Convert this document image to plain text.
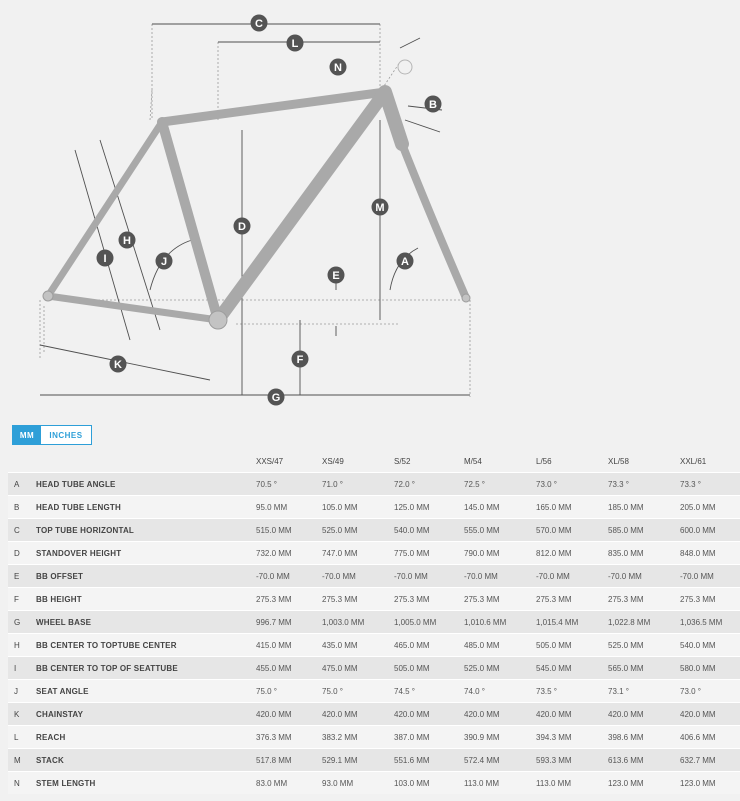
A
B
C
D
E
F
G
H
I	J
K
L
M
N
MM	INCHES
		XXS/47	XS/49	S/52	M/54	L/56	XL/58	XXL/61
A	HEAD TUBE ANGLE	70.5 °	71.0 °	72.0 °	72.5 °	73.0 °	73.3 °	73.3 °
B	HEAD TUBE LENGTH	95.0 MM	105.0 MM	125.0 MM	145.0 MM	165.0 MM	185.0 MM	205.0 MM
C	TOP TUBE HORIZONTAL	515.0 MM	525.0 MM	540.0 MM	555.0 MM	570.0 MM	585.0 MM	600.0 MM
D	STANDOVER HEIGHT	732.0 MM	747.0 MM	775.0 MM	790.0 MM	812.0 MM	835.0 MM	848.0 MM
E	BB OFFSET	-70.0 MM	-70.0 MM	-70.0 MM	-70.0 MM	-70.0 MM	-70.0 MM	-70.0 MM
F	BB HEIGHT	275.3 MM	275.3 MM	275.3 MM	275.3 MM	275.3 MM	275.3 MM	275.3 MM
G	WHEEL BASE	996.7 MM	1,003.0 MM	1,005.0 MM	1,010.6 MM	1,015.4 MM	1,022.8 MM	1,036.5 MM
H	BB CENTER TO TOPTUBE CENTER	415.0 MM	435.0 MM	465.0 MM	485.0 MM	505.0 MM	525.0 MM	540.0 MM
I	BB CENTER TO TOP OF SEATTUBE	455.0 MM	475.0 MM	505.0 MM	525.0 MM	545.0 MM	565.0 MM	580.0 MM
J	SEAT ANGLE	75.0 °	75.0 °	74.5 °	74.0 °	73.5 °	73.1 °	73.0 °
K	CHAINSTAY	420.0 MM	420.0 MM	420.0 MM	420.0 MM	420.0 MM	420.0 MM	420.0 MM
L	REACH	376.3 MM	383.2 MM	387.0 MM	390.9 MM	394.3 MM	398.6 MM	406.6 MM
M	STACK	517.8 MM	529.1 MM	551.6 MM	572.4 MM	593.3 MM	613.6 MM	632.7 MM
N	STEM LENGTH	83.0 MM	93.0 MM	103.0 MM	113.0 MM	113.0 MM	123.0 MM	123.0 MM
